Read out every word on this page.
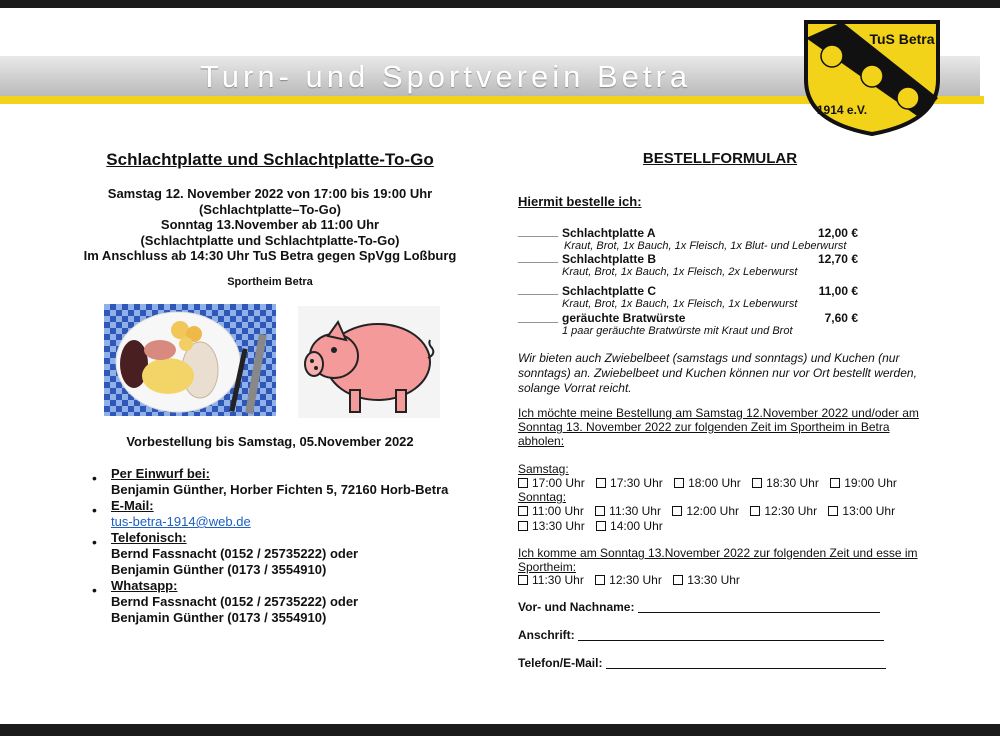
Turn- und Sportverein Betra
TuS Betra
1914 e.V.
Schlachtplatte und Schlachtplatte-To-Go
Samstag 12. November 2022 von 17:00 bis 19:00 Uhr
(Schlachtplatte–To-Go)
Sonntag 13.November ab 11:00 Uhr
(Schlachtplatte und Schlachtplatte-To-Go)
Im Anschluss ab 14:30 Uhr TuS Betra gegen SpVgg Loßburg
Sportheim Betra
Vorbestellung bis Samstag, 05.November 2022
• Per Einwurf bei:
Benjamin Günther, Horber Fichten 5, 72160 Horb-Betra
• E-Mail:
tus-betra-1914@web.de
• Telefonisch:
Bernd Fassnacht (0152 / 25735222) oder
Benjamin Günther (0173 / 3554910)
• Whatsapp:
Bernd Fassnacht (0152 / 25735222) oder
Benjamin Günther (0173 / 3554910)
BESTELLFORMULAR
Hiermit bestelle ich:
______ Schlachtplatte A	12,00 €
Kraut, Brot, 1x Bauch, 1x Fleisch, 1x Blut- und Leberwurst
______ Schlachtplatte B	12,70 €
Kraut, Brot, 1x Bauch, 1x Fleisch, 2x Leberwurst
______ Schlachtplatte C	11,00 €
Kraut, Brot, 1x Bauch, 1x Fleisch, 1x Leberwurst
______ geräuchte Bratwürste	7,60 €
1 paar geräuchte Bratwürste mit Kraut und Brot
Wir bieten auch Zwiebelbeet (samstags und sonntags) und Kuchen (nur
sonntags) an. Zwiebelbeet und Kuchen können nur vor Ort bestellt werden,
solange Vorrat reicht.
Ich möchte meine Bestellung am Samstag 12.November 2022 und/oder am
Sonntag 13. November 2022 zur folgenden Zeit im Sportheim in Betra
abholen:
Samstag:
17:00 Uhr 17:30 Uhr 18:00 Uhr 18:30 Uhr 19:00 Uhr
Sonntag:
11:00 Uhr 11:30 Uhr 12:00 Uhr 12:30 Uhr 13:00 Uhr
13:30 Uhr 14:00 Uhr
Ich komme am Sonntag 13.November 2022 zur folgenden Zeit und esse im
Sportheim:
11:30 Uhr 12:30 Uhr 13:30 Uhr
Vor- und Nachname:
Anschrift:
Telefon/E-Mail:
